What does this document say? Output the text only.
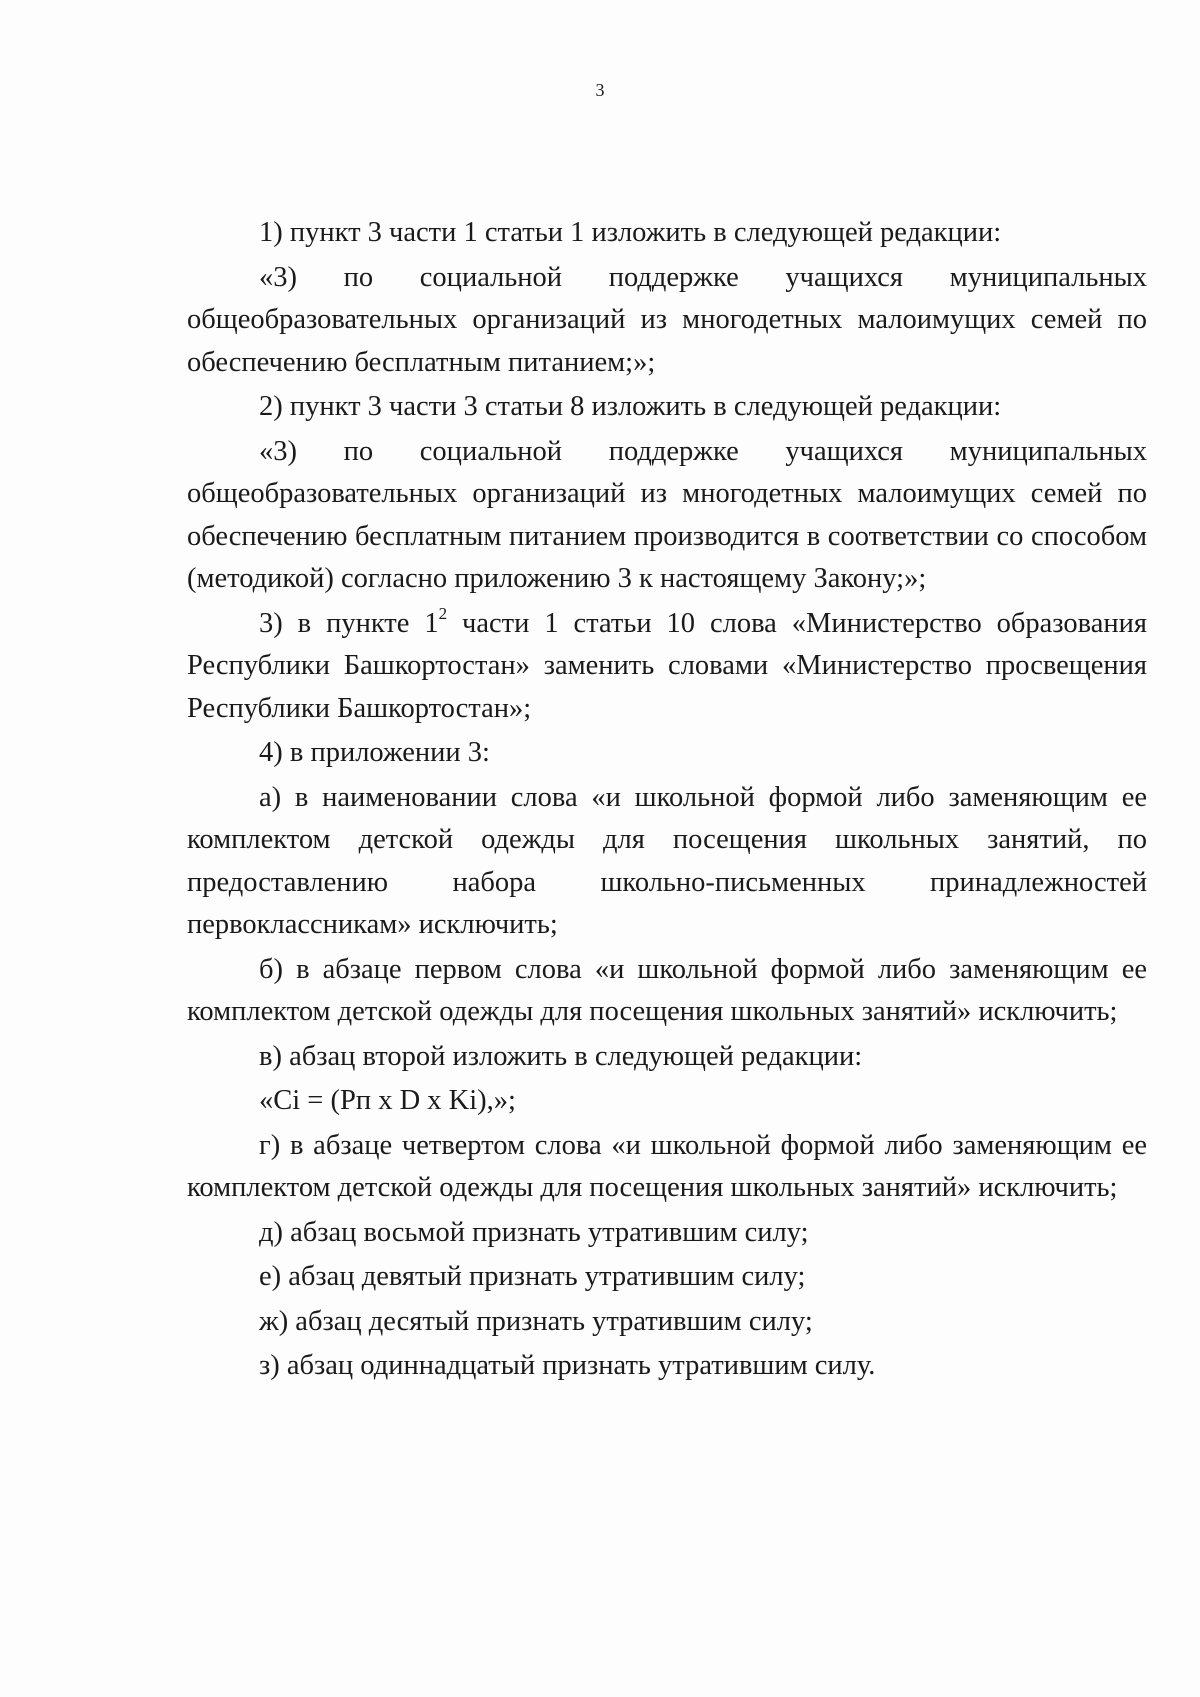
3

1) пункт 3 части 1 статьи 1 изложить в следующей редакции:

«3) по социальной поддержке учащихся муниципальных общеобразовательных организаций из многодетных малоимущих семей по обеспечению бесплатным питанием;»;

2) пункт 3 части 3 статьи 8 изложить в следующей редакции:

«3) по социальной поддержке учащихся муниципальных общеобразовательных организаций из многодетных малоимущих семей по обеспечению бесплатным питанием производится в соответствии со способом (методикой) согласно приложению 3 к настоящему Закону;»;

3) в пункте $1^2$ части 1 статьи 10 слова «Министерство образования Республики Башкортостан» заменить словами «Министерство просвещения Республики Башкортостан»;

4) в приложении 3:

а) в наименовании слова «и школьной формой либо заменяющим ее комплектом детской одежды для посещения школьных занятий, по предоставлению набора школьно-письменных принадлежностей первоклассникам» исключить;

б) в абзаце первом слова «и школьной формой либо заменяющим ее комплектом детской одежды для посещения школьных занятий» исключить;

в) абзац второй изложить в следующей редакции:

«Ci = (Pп x D x Ki),»;

г) в абзаце четвертом слова «и школьной формой либо заменяющим ее комплектом детской одежды для посещения школьных занятий» исключить;

д) абзац восьмой признать утратившим силу;

е) абзац девятый признать утратившим силу;

ж) абзац десятый признать утратившим силу;

з) абзац одиннадцатый признать утратившим силу.
